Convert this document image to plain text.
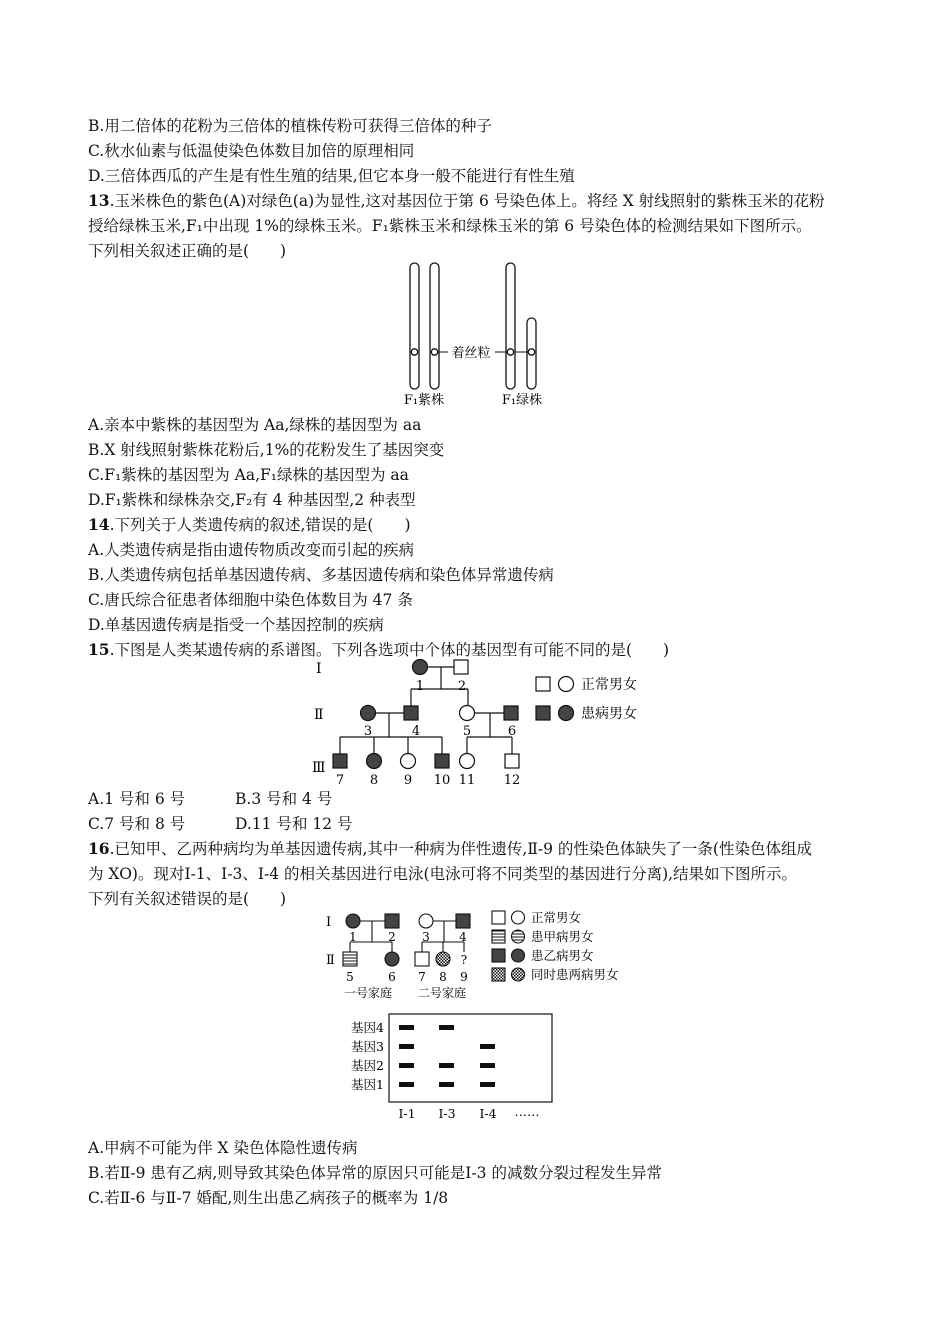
B.用二倍体的花粉为三倍体的植株传粉可获得三倍体的种子
C.秋水仙素与低温使染色体数目加倍的原理相同
D.三倍体西瓜的产生是有性生殖的结果,但它本身一般不能进行有性生殖
13.玉米株色的紫色(A)对绿色(a)为显性,这对基因位于第 6 号染色体上。将经 X 射线照射的紫株玉米的花粉
授给绿株玉米,F₁中出现 1%的绿株玉米。F₁紫株玉米和绿株玉米的第 6 号染色体的检测结果如下图所示。
下列相关叙述正确的是(　　)
着丝粒
F₁紫株	F₁绿株
A.亲本中紫株的基因型为 Aa,绿株的基因型为 aa
B.X 射线照射紫株花粉后,1%的花粉发生了基因突变
C.F₁紫株的基因型为 Aa,F₁绿株的基因型为 aa
D.F₁紫株和绿株杂交,F₂有 4 种基因型,2 种表型
14.下列关于人类遗传病的叙述,错误的是(　　)
A.人类遗传病是指由遗传物质改变而引起的疾病
B.人类遗传病包括单基因遗传病、多基因遗传病和染色体异常遗传病
C.唐氏综合征患者体细胞中染色体数目为 47 条
D.单基因遗传病是指受一个基因控制的疾病
15.下图是人类某遗传病的系谱图。下列各选项中个体的基因型有可能不同的是(　　)
Ⅰ
Ⅱ
Ⅲ
1	2
3	4	5	6
7 8 9 10 11 12
正常男女
患病男女
A.1 号和 6 号	B.3 号和 4 号
C.7 号和 8 号	D.11 号和 12 号
16.已知甲、乙两种病均为单基因遗传病,其中一种病为伴性遗传,Ⅱ-9 的性染色体缺失了一条(性染色体组成
为 XO)。现对Ⅰ-1、Ⅰ-3、Ⅰ-4 的相关基因进行电泳(电泳可将不同类型的基因进行分离),结果如下图所示。
下列有关叙述错误的是(　　)
Ⅰ
Ⅱ
1	2 3 4
?
5	6 7 8 9
一号家庭 二号家庭
正常男女
患甲病男女
患乙病男女
同时患两病男女
基因4
基因3
基因2
基因1
Ⅰ-1 Ⅰ-3 Ⅰ-4 ……
A.甲病不可能为伴 X 染色体隐性遗传病
B.若Ⅱ-9 患有乙病,则导致其染色体异常的原因只可能是Ⅰ-3 的减数分裂过程发生异常
C.若Ⅱ-6 与Ⅱ-7 婚配,则生出患乙病孩子的概率为 1/8
